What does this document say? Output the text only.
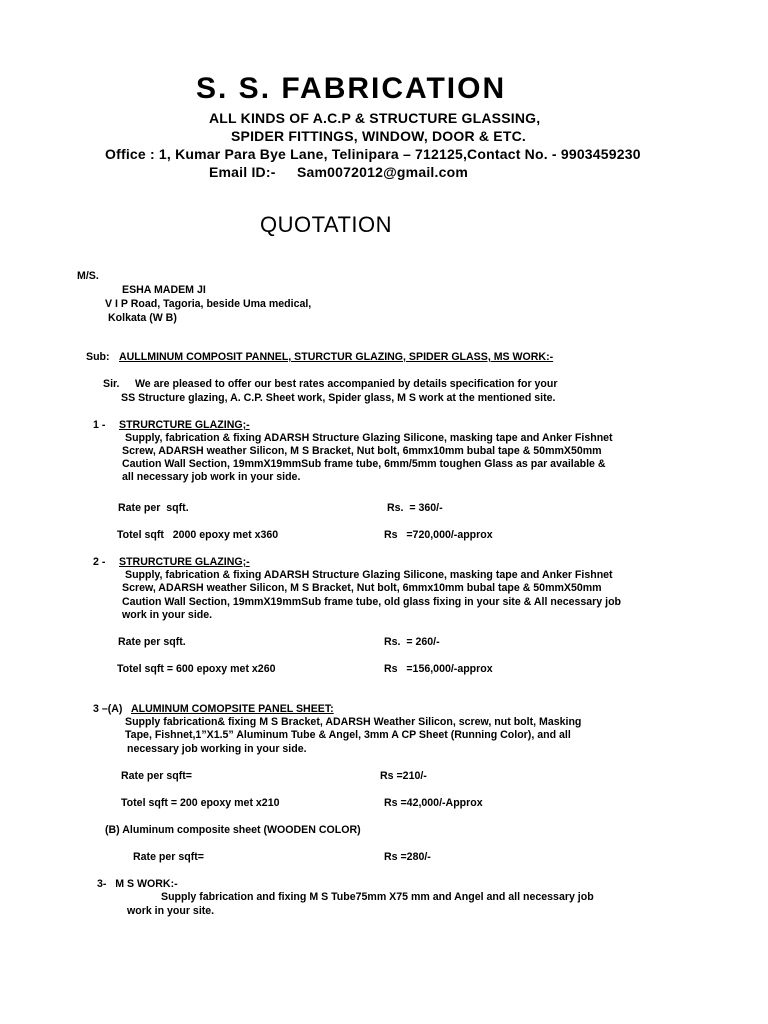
S. S. FABRICATION
ALL KINDS OF A.C.P & STRUCTURE GLASSING,
SPIDER FITTINGS, WINDOW, DOOR & ETC.
Office : 1, Kumar Para Bye Lane, Telinipara – 712125,Contact No. - 9903459230
Email ID:- Sam0072012@gmail.com
QUOTATION
M/S.
ESHA MADEM JI
V I P Road, Tagoria, beside Uma medical,
Kolkata (W B)
Sub: AULLMINUM COMPOSIT PANNEL, STURCTUR GLAZING, SPIDER GLASS, MS WORK:-
Sir. We are pleased to offer our best rates accompanied by details specification for your
SS Structure glazing, A. C.P. Sheet work, Spider glass, M S work at the mentioned site.
1 - STRURCTURE GLAZING;-
Supply, fabrication & fixing ADARSH Structure Glazing Silicone, masking tape and Anker Fishnet
Screw, ADARSH weather Silicon, M S Bracket, Nut bolt, 6mmx10mm bubal tape & 50mmX50mm
Caution Wall Section, 19mmX19mmSub frame tube, 6mm/5mm toughen Glass as par available &
all necessary job work in your side.
Rate per  sqft.	Rs.  = 360/-
Totel sqft   2000 epoxy met x360	Rs   =720,000/-approx
2 - STRURCTURE GLAZING;-
Supply, fabrication & fixing ADARSH Structure Glazing Silicone, masking tape and Anker Fishnet
Screw, ADARSH weather Silicon, M S Bracket, Nut bolt, 6mmx10mm bubal tape & 50mmX50mm
Caution Wall Section, 19mmX19mmSub frame tube, old glass fixing in your site & All necessary job
work in your side.
Rate per sqft.	Rs.  = 260/-
Totel sqft = 600 epoxy met x260	Rs   =156,000/-approx
3 –(A) ALUMINUM COMOPSITE PANEL SHEET:
Supply fabrication& fixing M S Bracket, ADARSH Weather Silicon, screw, nut bolt, Masking
Tape, Fishnet,1”X1.5” Aluminum Tube & Angel, 3mm A CP Sheet (Running Color), and all
necessary job working in your side.
Rate per sqft=	Rs =210/-
Totel sqft = 200 epoxy met x210	Rs =42,000/-Approx
(B) Aluminum composite sheet (WOODEN COLOR)
Rate per sqft=	Rs =280/-
3-   M S WORK:-
Supply fabrication and fixing M S Tube75mm X75 mm and Angel and all necessary job
work in your site.
